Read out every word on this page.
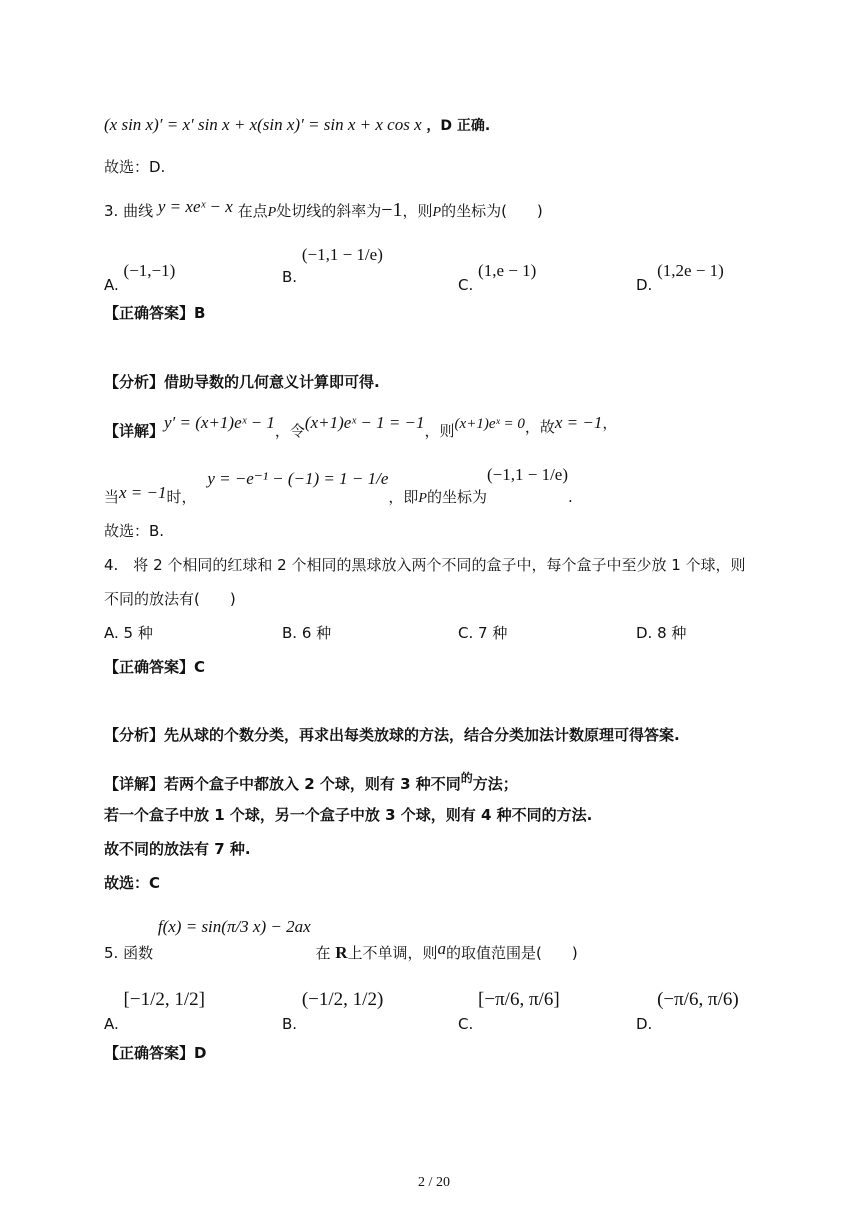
(x sin x)′ = x′ sin x + x(sin x)′ = sin x + x cos x ，D 正确.
故选：D.
3. 曲线 y = xeˣ − x 在点P处切线的斜率为−1，则P的坐标为(　　)
A. (−1,−1)	B. (−1,1 − 1/e)
C. (1,e − 1)
D. (1,2e − 1)
【正确答案】B
【分析】借助导数的几何意义计算即可得.
【详解】y′ = (x+1)eˣ − 1，令(x+1)eˣ − 1 = −1，则(x+1)eˣ = 0，故x = −1，
当x = −1时， y = −e⁻¹ − (−1) = 1 − 1/e，即P的坐标为(−1,1 − 1/e).
故选：B.
4.　将 2 个相同的红球和 2 个相同的黑球放入两个不同的盒子中，每个盒子中至少放 1 个球，则
不同的放法有(　　)
A. 5 种	B. 6 种	C. 7 种	D. 8 种
【正确答案】C
【分析】先从球的个数分类，再求出每类放球的方法，结合分类加法计数原理可得答案.
【详解】若两个盒子中都放入 2 个球，则有 3 种不同$^的$方法；
若一个盒子中放 1 个球，另一个盒子中放 3 个球，则有 4 种不同的方法.
故不同的放法有 7 种.
故选：C
5. 函数 f(x) = sin(π/3 x) − 2ax 在 R上不单调，则a的取值范围是(　　)
A. [−1/2, 1/2]
B. (−1/2, 1/2)
C. [−π/6, π/6]
D. (−π/6, π/6)
【正确答案】D
2 / 20
